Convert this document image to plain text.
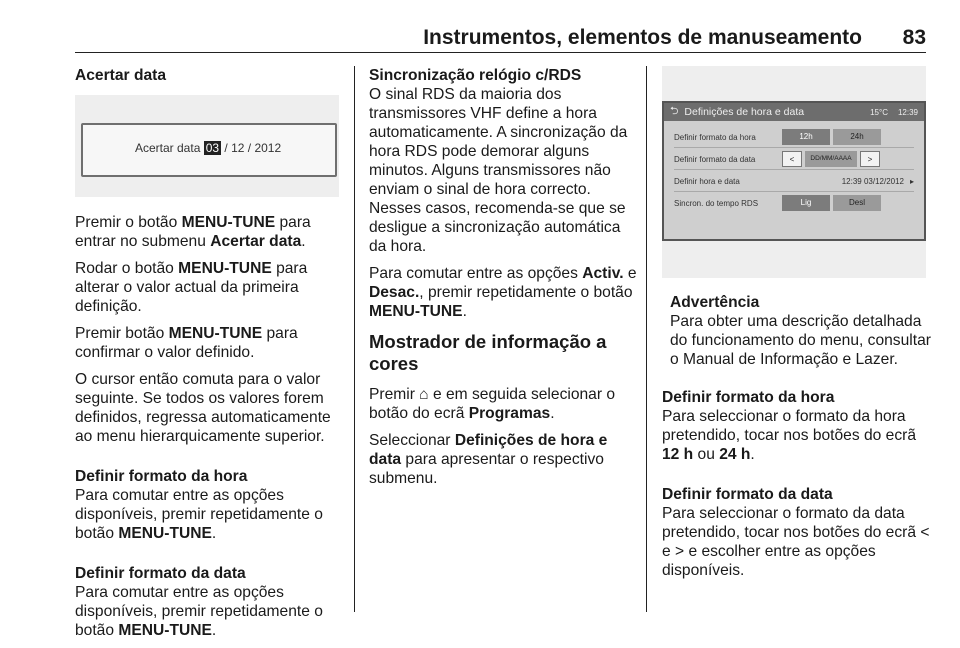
Instrumentos, elementos de manuseamento 83
Acertar data
Acertar data 03 / 12 / 2012

Premir o botão MENU-TUNE para entrar no submenu Acertar data.

Rodar o botão MENU-TUNE para alterar o valor actual da primeira definição.

Premir botão MENU-TUNE para confirmar o valor definido.

O cursor então comuta para o valor seguinte. Se todos os valores forem definidos, regressa automaticamente ao menu hierarquicamente superior.

Definir formato da hora

Para comutar entre as opções disponíveis, premir repetidamente o botão MENU-TUNE.

Definir formato da data

Para comutar entre as opções disponíveis, premir repetidamente o botão MENU-TUNE.

Sincronização relógio c/RDS

O sinal RDS da maioria dos transmissores VHF define a hora automaticamente. A sincronização da hora RDS pode demorar alguns minutos. Alguns transmissores não enviam o sinal de hora correcto. Nesses casos, recomenda-se que se desligue a sincronização automática da hora.

Para comutar entre as opções Activ. e Desac., premir repetidamente o botão MENU-TUNE.

Mostrador de informação a cores

Premir ⌂ e em seguida selecionar o botão do ecrã Programas.

Seleccionar Definições de hora e data para apresentar o respectivo submenu.

⮌ Definições de hora e data	15°C 12:39
Definir formato da hora	12h	24h
Definir formato da data	<	DD/MM/AAAA	>
Definir hora e data	12:39 03/12/2012 ▸
Sincron. do tempo RDS	Lig	Desl
Advertência
Para obter uma descrição detalhada do funcionamento do menu, consultar o Manual de Informação e Lazer.
Definir formato da hora

Para seleccionar o formato da hora pretendido, tocar nos botões do ecrã 12 h ou 24 h.

Definir formato da data

Para seleccionar o formato da data pretendido, tocar nos botões do ecrã < e > e escolher entre as opções disponíveis.
